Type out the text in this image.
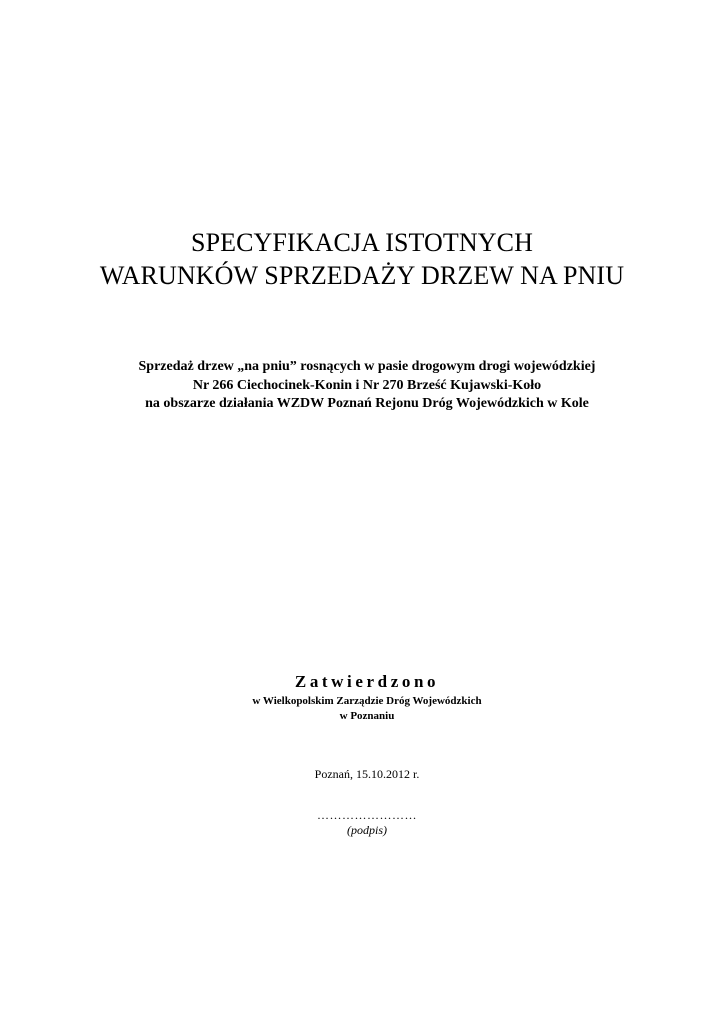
SPECYFIKACJA ISTOTNYCH
WARUNKÓW SPRZEDAŻY DRZEW NA PNIU
Sprzedaż drzew „na pniu” rosnących w pasie drogowym drogi wojewódzkiej
Nr 266 Ciechocinek-Konin i Nr 270 Brześć Kujawski-Koło
na obszarze działania WZDW Poznań Rejonu Dróg Wojewódzkich w Kole
Zatwierdzono
w Wielkopolskim Zarządzie Dróg Wojewódzkich
w Poznaniu
Poznań, 15.10.2012 r.
……………………
(podpis)
